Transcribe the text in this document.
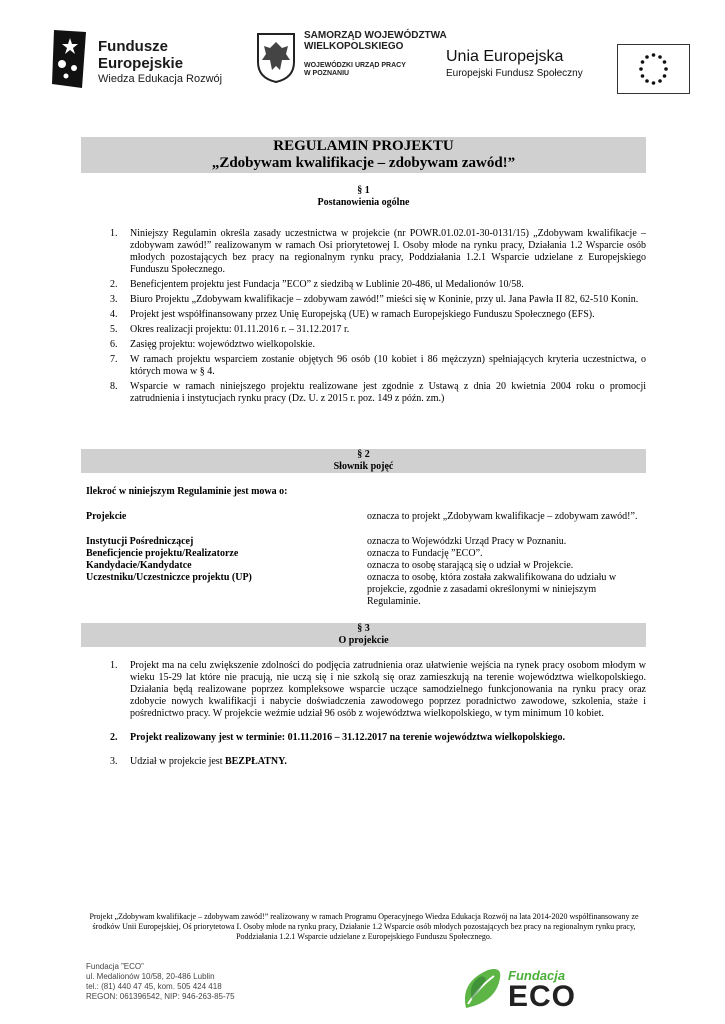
Fundusze
Europejskie
Wiedza Edukacja Rozwój
SAMORZĄD WOJEWÓDZTWA
WIELKOPOLSKIEGO
WOJEWÓDZKI URZĄD PRACY
W POZNANIU
Unia Europejska
Europejski Fundusz Społeczny
REGULAMIN PROJEKTU
„Zdobywam kwalifikacje – zdobywam zawód!”
§ 1
Postanowienia ogólne
1. Niniejszy Regulamin określa zasady uczestnictwa w projekcie (nr POWR.01.02.01-30-0131/15) „Zdobywam kwalifikacje – zdobywam zawód!” realizowanym w ramach Osi priorytetowej I. Osoby młode na rynku pracy, Działania 1.2 Wsparcie osób młodych pozostających bez pracy na regionalnym rynku pracy, Poddziałania 1.2.1 Wsparcie udzielane z Europejskiego Funduszu Społecznego.
2. Beneficjentem projektu jest Fundacja ”ECO” z siedzibą w Lublinie 20-486, ul Medalionów 10/58.
3. Biuro Projektu „Zdobywam kwalifikacje – zdobywam zawód!” mieści się w Koninie, przy ul. Jana Pawła II 82, 62-510 Konin.
4. Projekt jest współfinansowany przez Unię Europejską (UE) w ramach Europejskiego Funduszu Społecznego (EFS).
5. Okres realizacji projektu: 01.11.2016 r. – 31.12.2017 r.
6. Zasięg projektu: województwo wielkopolskie.
7. W ramach projektu wsparciem zostanie objętych 96 osób (10 kobiet i 86 mężczyzn) spełniających kryteria uczestnictwa, o których mowa w § 4.
8. Wsparcie w ramach niniejszego projektu realizowane jest zgodnie z Ustawą z dnia 20 kwietnia 2004 roku o promocji zatrudnienia i instytucjach rynku pracy (Dz. U. z 2015 r. poz. 149 z późn. zm.)
§ 2
Słownik pojęć
Ilekroć w niniejszym Regulaminie jest mowa o:
Projekcie	oznacza to projekt „Zdobywam kwalifikacje – zdobywam zawód!”.
Instytucji Pośredniczącej	oznacza to Wojewódzki Urząd Pracy w Poznaniu.
Beneficjencie projektu/Realizatorze	oznacza to Fundację ”ECO”.
Kandydacie/Kandydatce	oznacza to osobę starającą się o udział w Projekcie.
Uczestniku/Uczestniczce projektu (UP)	oznacza to osobę, która została zakwalifikowana do udziału w projekcie, zgodnie z zasadami określonymi w niniejszym Regulaminie.
§ 3
O projekcie
1. Projekt ma na celu zwiększenie zdolności do podjęcia zatrudnienia oraz ułatwienie wejścia na rynek pracy osobom młodym w wieku 15-29 lat które nie pracują, nie uczą się i nie szkolą się oraz zamieszkują na terenie województwa wielkopolskiego. Działania będą realizowane poprzez kompleksowe wsparcie uczące samodzielnego funkcjonowania na rynku pracy oraz zdobycie nowych kwalifikacji i nabycie doświadczenia zawodowego poprzez poradnictwo zawodowe, szkolenia, staże i pośrednictwo pracy. W projekcie weźmie udział 96 osób z województwa wielkopolskiego, w tym minimum 10 kobiet.
2. Projekt realizowany jest w terminie: 01.11.2016 – 31.12.2017 na terenie województwa wielkopolskiego.
3. Udział w projekcie jest BEZPŁATNY.
Projekt „Zdobywam kwalifikacje – zdobywam zawód!” realizowany w ramach Programu Operacyjnego Wiedza Edukacja Rozwój na lata 2014-2020 współfinansowany ze środków Unii Europejskiej, Oś priorytetowa I. Osoby młode na rynku pracy, Działanie 1.2 Wsparcie osób młodych pozostających bez pracy na regionalnym rynku pracy, Poddziałania 1.2.1 Wsparcie udzielane z Europejskiego Funduszu Społecznego.
Fundacja ”ECO”
ul. Medalionów 10/58, 20-486 Lublin
tel.: (81) 440 47 45, kom. 505 424 418
REGON: 061396542, NIP: 946-263-85-75
Fundacja
ECO
